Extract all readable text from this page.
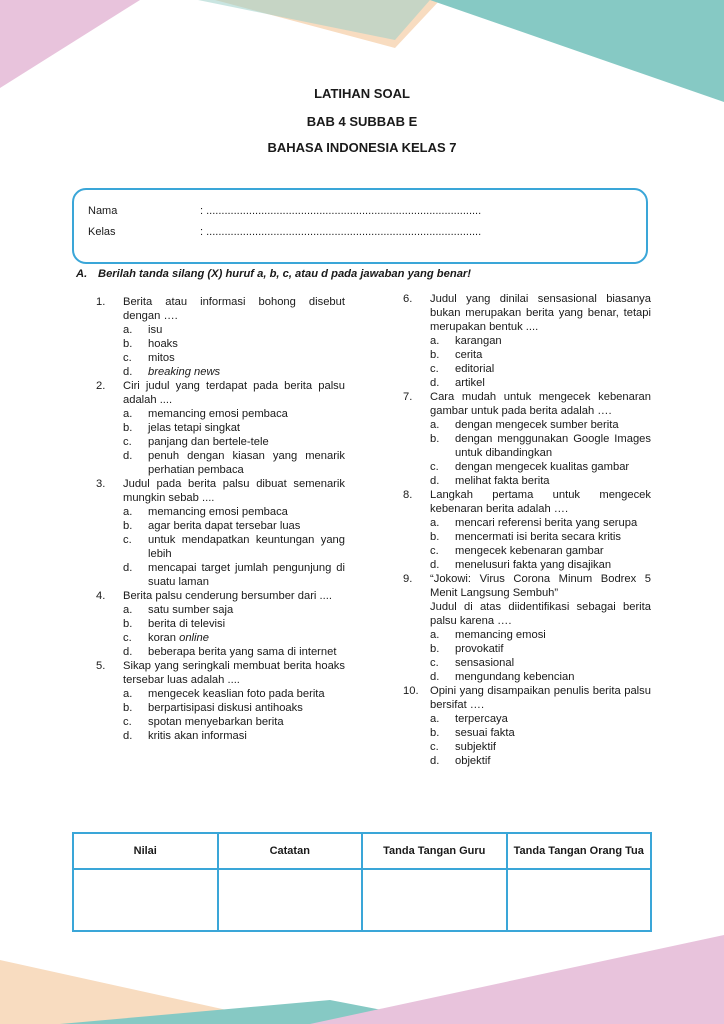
LATIHAN SOAL
BAB 4 SUBBAB E
BAHASA INDONESIA KELAS 7
Nama	: ..........................................................................................
Kelas	: ..........................................................................................
A. Berilah tanda silang (X) huruf a, b, c, atau d pada jawaban yang benar!
1. Berita atau informasi bohong disebut dengan ….
a. isu
b. hoaks
c. mitos
d. breaking news
2. Ciri judul yang terdapat pada berita palsu adalah ....
a. memancing emosi pembaca
b. jelas tetapi singkat
c. panjang dan bertele-tele
d. penuh dengan kiasan yang menarik perhatian pembaca
3. Judul pada berita palsu dibuat semenarik mungkin sebab ....
a. memancing emosi pembaca
b. agar berita dapat tersebar luas
c. untuk mendapatkan keuntungan yang lebih
d. mencapai target jumlah pengunjung di suatu laman
4. Berita palsu cenderung bersumber dari ....
a. satu sumber saja
b. berita di televisi
c. koran online
d. beberapa berita yang sama di internet
5. Sikap yang seringkali membuat berita hoaks tersebar luas adalah ....
a. mengecek keaslian foto pada berita
b. berpartisipasi diskusi antihoaks
c. spotan menyebarkan berita
d. kritis akan informasi
6. Judul yang dinilai sensasional biasanya bukan merupakan berita yang benar, tetapi merupakan bentuk ....
a. karangan
b. cerita
c. editorial
d. artikel
7. Cara mudah untuk mengecek kebenaran gambar untuk pada berita adalah ….
a. dengan mengecek sumber berita
b. dengan menggunakan Google Images untuk dibandingkan
c. dengan mengecek kualitas gambar
d. melihat fakta berita
8. Langkah pertama untuk mengecek kebenaran berita adalah ….
a. mencari referensi berita yang serupa
b. mencermati isi berita secara kritis
c. mengecek kebenaran gambar
d. menelusuri fakta yang disajikan
9. “Jokowi: Virus Corona Minum Bodrex 5 Menit Langsung Sembuh”
Judul di atas diidentifikasi sebagai berita palsu karena ….
a. memancing emosi
b. provokatif
c. sensasional
d. mengundang kebencian
10. Opini yang disampaikan penulis berita palsu bersifat ….
a. terpercaya
b. sesuai fakta
c. subjektif
d. objektif
Nilai	Catatan	Tanda Tangan Guru	Tanda Tangan Orang Tua
